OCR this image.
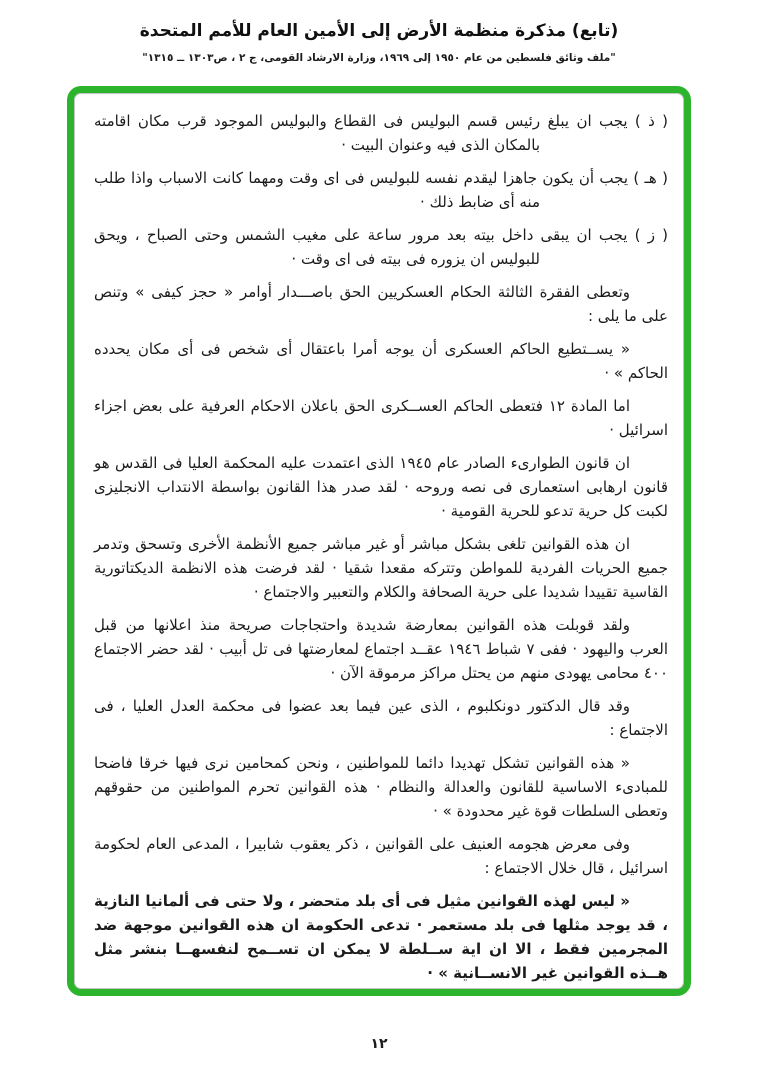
(تابع) مذكرة منظمة الأرض إلى الأمين العام للأمم المتحدة
"ملف وثائق فلسطين من عام ١٩٥٠ إلى ١٩٦٩، وزارة الارشاد القومى، ج ٢ ، ص١٣٠٣ ــ ١٣١٥"

( ذ ) يجب ان يبلغ رئيس قسم البوليس فى القطاع والبوليس الموجود قرب مكان اقامته بالمكان الذى فيه وعنوان البيت ·

( هـ ) يجب أن يكون جاهزا ليقدم نفسه للبوليس فى اى وقت ومهما كانت الاسباب واذا طلب منه أى ضابط ذلك ·

( ز ) يجب ان يبقى داخل بيته بعد مرور ساعة على مغيب الشمس وحتى الصباح ، ويحق للبوليس ان يزوره فى بيته فى اى وقت ·

وتعطى الفقرة الثالثة الحكام العسكريين الحق باصـــدار أوامر « حجز كيفى » وتنص على ما يلى :

« يســتطيع الحاكم العسكرى أن يوجه أمرا باعتقال أى شخص فى أى مكان يحدده الحاكم » ·

اما المادة ١٢ فتعطى الحاكم العســكرى الحق باعلان الاحكام العرفية على بعض اجزاء اسرائيل ·

ان قانون الطوارىء الصادر عام ١٩٤٥ الذى اعتمدت عليه المحكمة العليا فى القدس هو قانون ارهابى استعمارى فى نصه وروحه · لقد صدر هذا القانون بواسطة الانتداب الانجليزى لكبت كل حرية تدعو للحرية القومية ·

ان هذه القوانين تلغى بشكل مباشر أو غير مباشر جميع الأنظمة الأخرى وتسحق وتدمر جميع الحريات الفردية للمواطن وتتركه مقعدا شقيا · لقد فرضت هذه الانظمة الديكتاتورية القاسية تقييدا شديدا على حرية الصحافة والكلام والتعبير والاجتماع ·

ولقد قوبلت هذه القوانين بمعارضة شديدة واحتجاجات صريحة منذ اعلانها من قبل العرب واليهود · ففى ٧ شباط ١٩٤٦ عقــد اجتماع لمعارضتها فى تل أبيب · لقد حضر الاجتماع ٤٠٠ محامى يهودى منهم من يحتل مراكز مرموقة الآن ·

وقد قال الدكتور دونكلبوم ، الذى عين فيما بعد عضوا فى محكمة العدل العليا ، فى الاجتماع :

« هذه القوانين تشكل تهديدا دائما للمواطنين ، ونحن كمحامين نرى فيها خرقا فاضحا للمبادىء الاساسية للقانون والعدالة والنظام · هذه القوانين تحرم المواطنين من حقوقهم وتعطى السلطات قوة غير محدودة » ·

وفى معرض هجومه العنيف على القوانين ، ذكر يعقوب شابيرا ، المدعى العام لحكومة اسرائيل ، قال خلال الاجتماع :

« ليس لهذه القوانين مثيل فى أى بلد متحضر ، ولا حتى فى ألمانيا النازية ، قد يوجد مثلها فى بلد مستعمر · تدعى الحكومة ان هذه القوانين موجهة ضد المجرمين فقط ، الا ان اية ســلطة لا يمكن ان تســمح لنفسهــا بنشر مثل هــذه القوانين غير الانســانية » ·

١٢
